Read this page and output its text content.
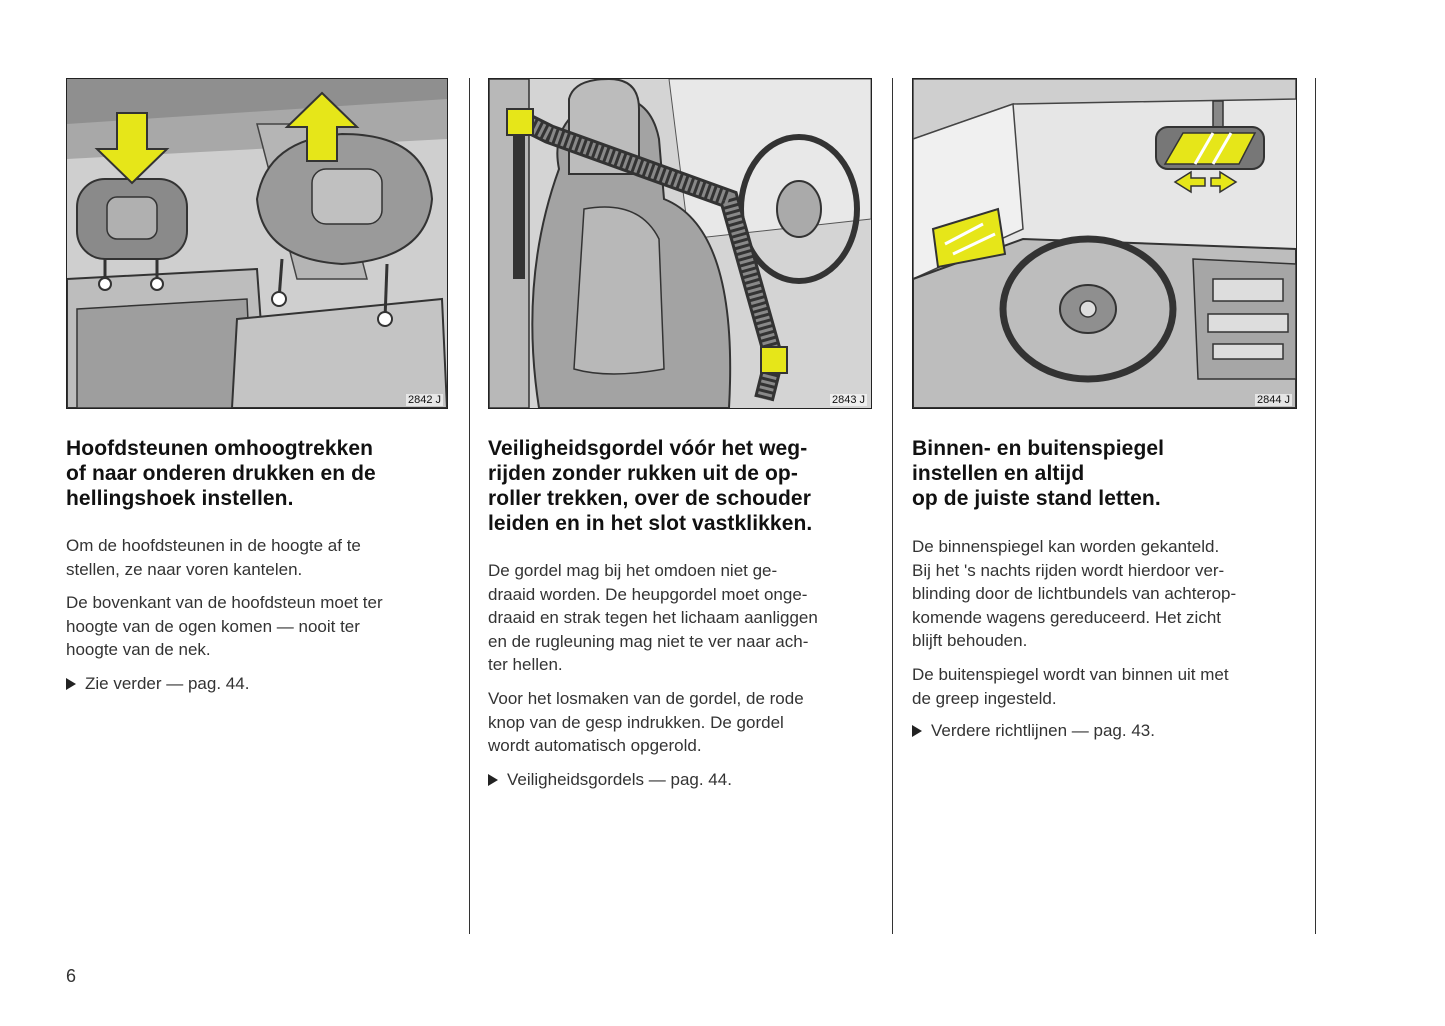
2842 J
Hoofdsteunen omhoogtrekken
of naar onderen drukken en de
hellingshoek instellen.

Om de hoofdsteunen in de hoogte af te
stellen, ze naar voren kantelen.

De bovenkant van de hoofdsteun moet ter
hoogte van de ogen komen — nooit ter
hoogte van de nek.

Zie verder — pag. 44.

2843 J
Veiligheidsgordel vóór het weg-
rijden zonder rukken uit de op-
roller trekken, over de schouder
leiden en in het slot vastklikken.

De gordel mag bij het omdoen niet ge-
draaid worden. De heupgordel moet onge-
draaid en strak tegen het lichaam aanliggen
en de rugleuning mag niet te ver naar ach-
ter hellen.

Voor het losmaken van de gordel, de rode
knop van de gesp indrukken. De gordel
wordt automatisch opgerold.

Veiligheidsgordels — pag. 44.

2844 J
Binnen- en buitenspiegel
instellen en altijd
op de juiste stand letten.

De binnenspiegel kan worden gekanteld.
Bij het 's nachts rijden wordt hierdoor ver-
blinding door de lichtbundels van achterop-
komende wagens gereduceerd. Het zicht
blijft behouden.

De buitenspiegel wordt van binnen uit met
de greep ingesteld.

Verdere richtlijnen — pag. 43.

6
